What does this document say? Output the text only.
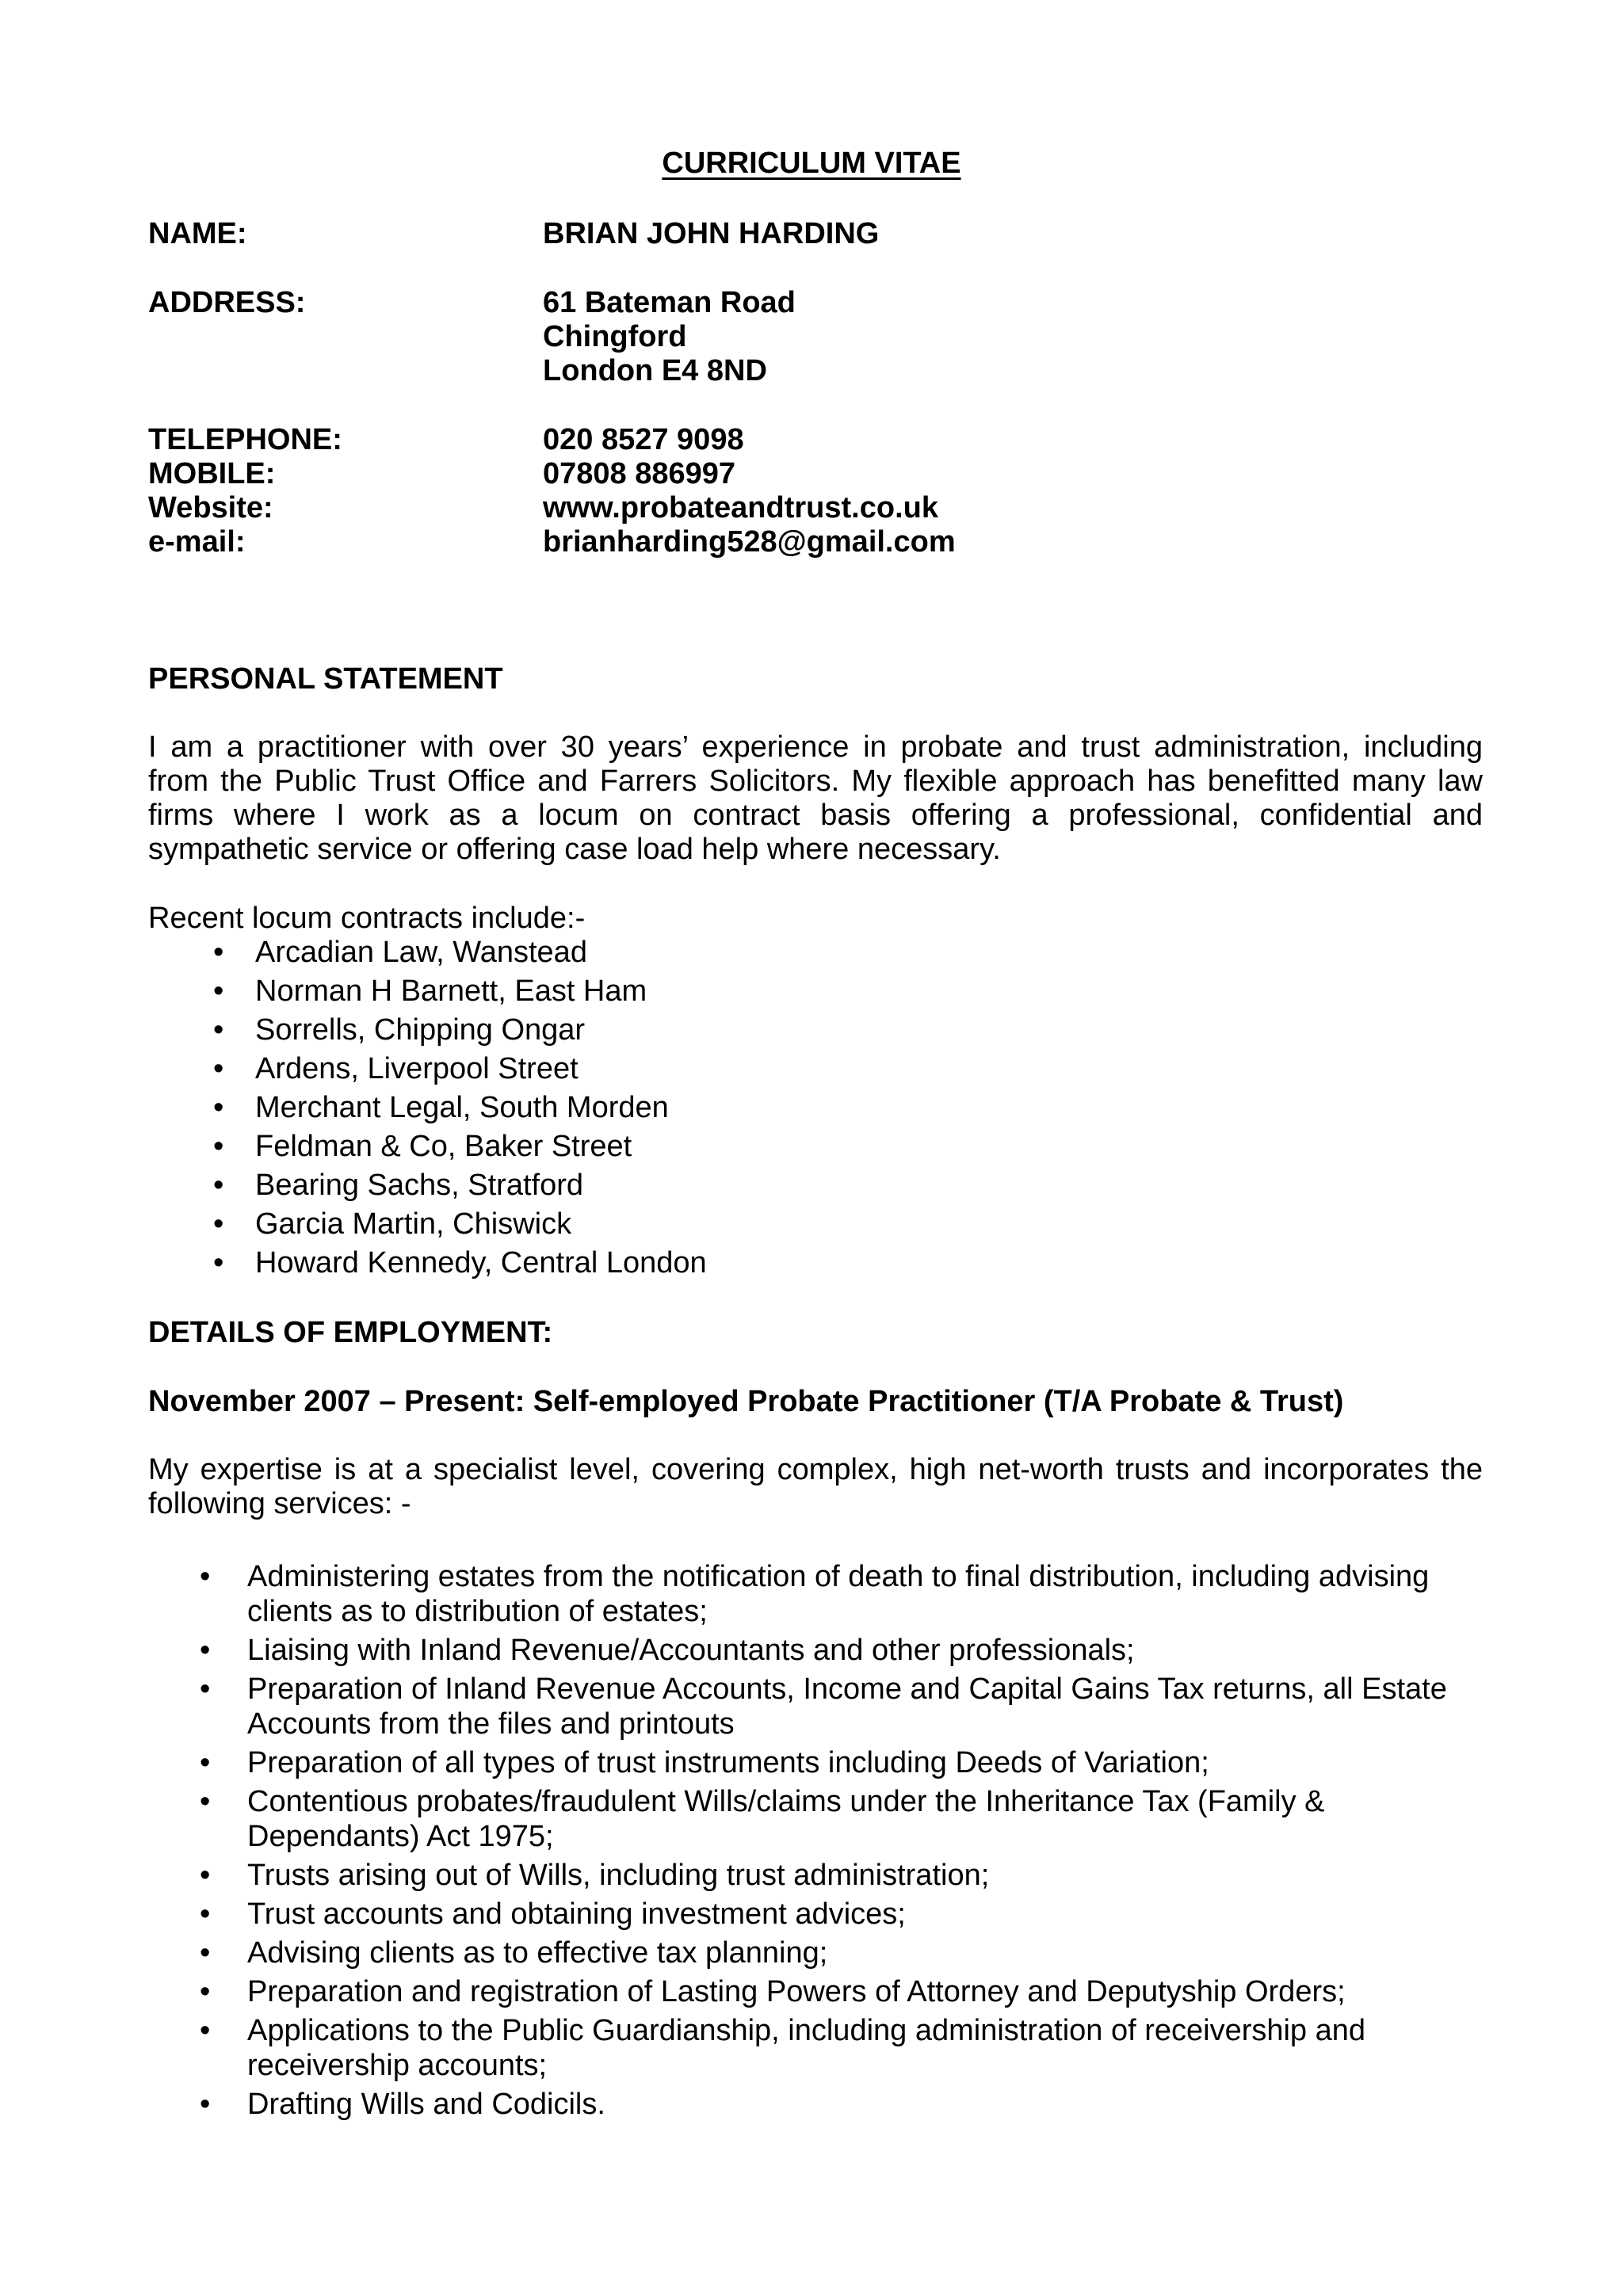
CURRICULUM VITAE
NAME:	BRIAN JOHN HARDING
ADDRESS:	61 Bateman Road
Chingford
London E4 8ND
TELEPHONE:	020 8527 9098
MOBILE:	07808 886997
Website:	www.probateandtrust.co.uk
e-mail:	brianharding528@gmail.com
PERSONAL STATEMENT
I am a practitioner with over 30 years’ experience in probate and trust administration, including
from the Public Trust Office and Farrers Solicitors. My flexible approach has benefitted many law
firms where I work as a locum on contract basis offering a professional, confidential and
sympathetic service or offering case load help where necessary.
Recent locum contracts include:-
• Arcadian Law, Wanstead
• Norman H Barnett, East Ham
• Sorrells, Chipping Ongar
• Ardens, Liverpool Street
• Merchant Legal, South Morden
• Feldman & Co, Baker Street
• Bearing Sachs, Stratford
• Garcia Martin, Chiswick
• Howard Kennedy, Central London
DETAILS OF EMPLOYMENT:
November 2007 – Present: Self-employed Probate Practitioner (T/A Probate & Trust)
My expertise is at a specialist level, covering complex, high net-worth trusts and incorporates the
following services: -
• Administering estates from the notification of death to final distribution, including advising clients as to distribution of estates;
• Liaising with Inland Revenue/Accountants and other professionals;
• Preparation of Inland Revenue Accounts, Income and Capital Gains Tax returns, all Estate Accounts from the files and printouts
• Preparation of all types of trust instruments including Deeds of Variation;
• Contentious probates/fraudulent Wills/claims under the Inheritance Tax (Family & Dependants) Act 1975;
• Trusts arising out of Wills, including trust administration;
• Trust accounts and obtaining investment advices;
• Advising clients as to effective tax planning;
• Preparation and registration of Lasting Powers of Attorney and Deputyship Orders;
• Applications to the Public Guardianship, including administration of receivership and receivership accounts;
• Drafting Wills and Codicils.
